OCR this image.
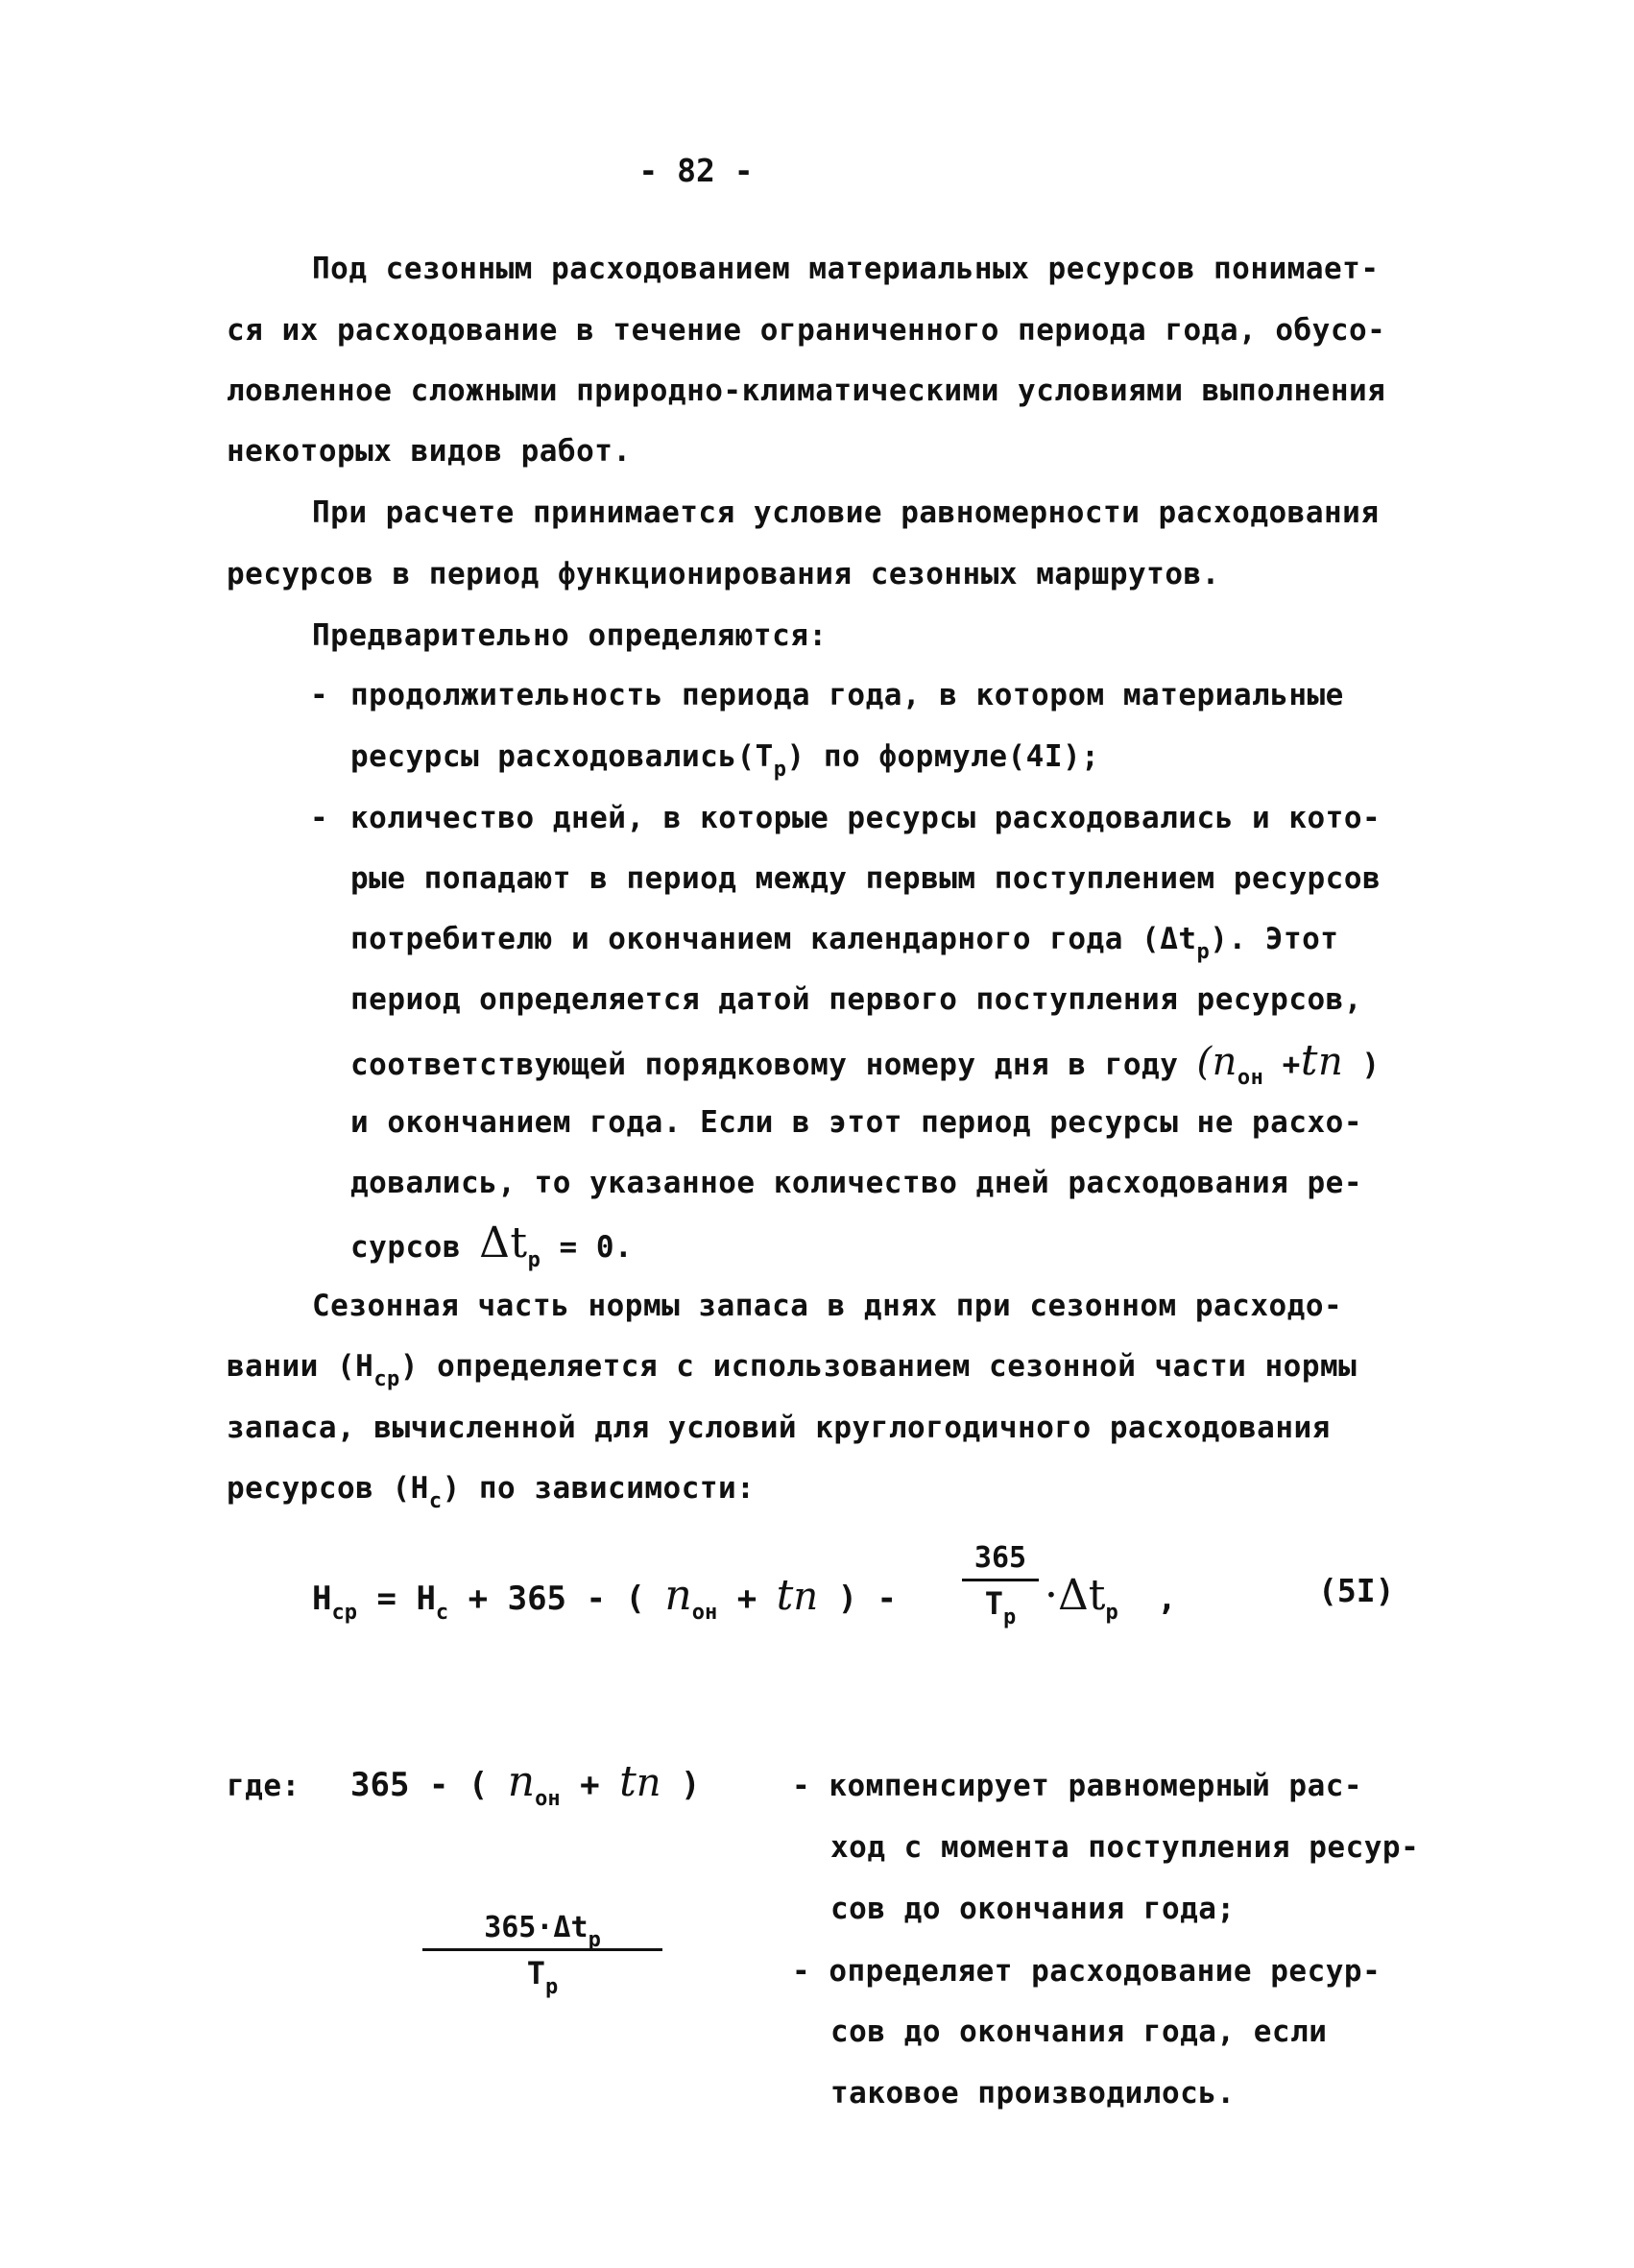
- 82 -
Под сезонным расходованием материальных ресурсов понимает-
ся их расходование в течение ограниченного периода года, обусо-
ловленное сложными природно-климатическими условиями выполнения
некоторых видов работ.
При расчете принимается условие равномерности расходования
ресурсов в период функционирования сезонных маршрутов.
Предварительно определяются:
- продолжительность периода года, в котором материальные
ресурсы $расходовались(Т_р)$ по формуле(4I);
- количество дней, в которые ресурсы расходовались и кото-
рые попадают в период между первым поступлением ресурсов
потребителю и окончанием календарного года $(\Delta t_р)$. Этот
период определяется датой первого поступления ресурсов,
соответствующей порядковому номеру дня в году ($n_{он} +tn$ )
и окончанием года. Если в этот период ресурсы не расхо-
довались, то указанное количество дней расходования ре-
сурсов $\Delta t_р = 0$.
Сезонная часть нормы запаса в днях при сезонном расходо-
вании $(Н_{ср})$ определяется с использованием сезонной части нормы
запаса, вычисленной для условий круглогодичного расходования
ресурсов $(Н_с)$ по зависимости:
$Н_{ср} = Н_с + 365$ - ( $n_{он}$ + tn ) -
365
$Т_р \cdot\Delta t_р$ ,	(5I)
где: 365 - ( $n_{он}$ + tn )	- компенсирует равномерный рас-
ход с момента поступления ресур-
сов до окончания года;
$365\cdot\Delta t_р$
$Т_р$	- определяет расходование ресур-
сов до окончания года, если
таковое производилось.
